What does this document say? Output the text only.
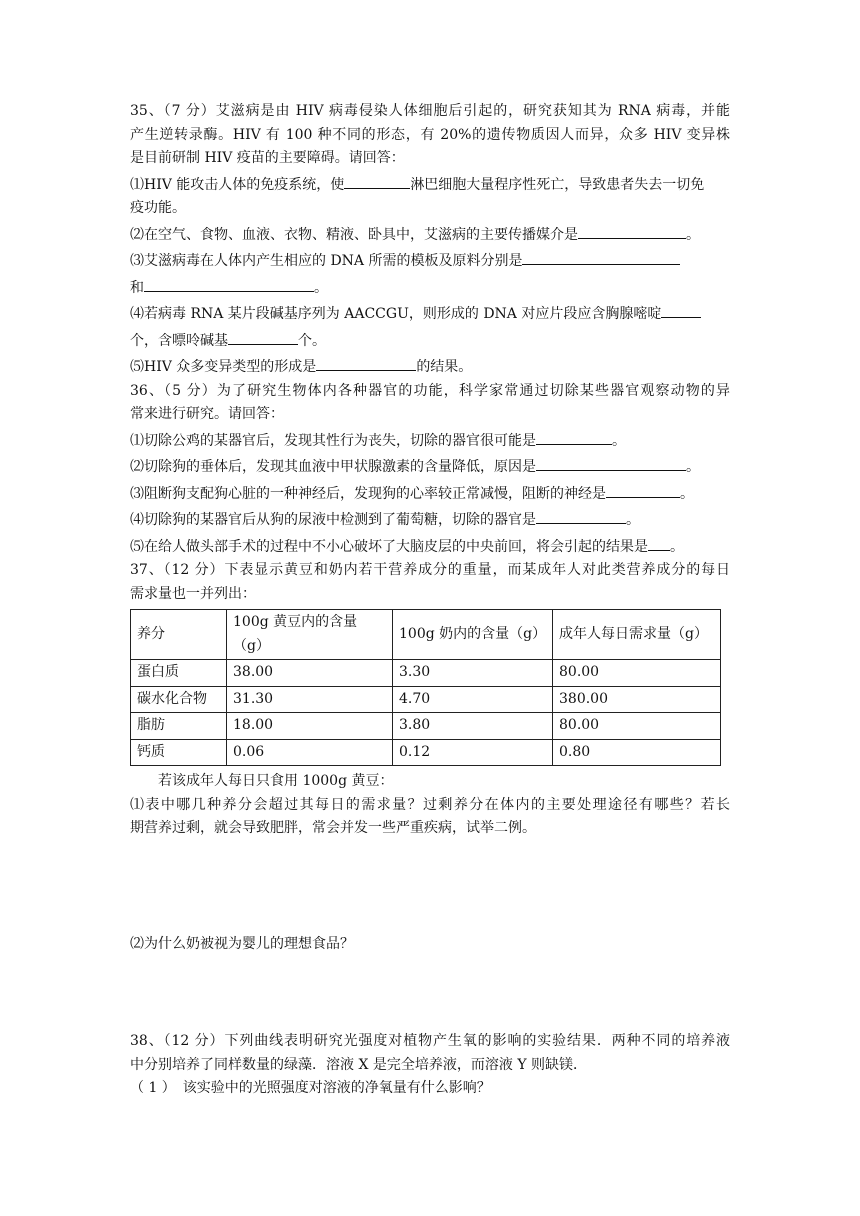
35、（7 分）艾滋病是由 HIV 病毒侵染人体细胞后引起的，研究获知其为 RNA 病毒，并能
产生逆转录酶。HIV 有 100 种不同的形态，有 20%的遗传物质因人而异，众多 HIV 变异株
是目前研制 HIV 疫苗的主要障碍。请回答：
⑴HIV 能攻击人体的免疫系统，使	淋巴细胞大量程序性死亡，导致患者失去一切免
疫功能。
⑵在空气、食物、血液、衣物、精液、卧具中，艾滋病的主要传播媒介是	。
⑶艾滋病毒在人体内产生相应的 DNA 所需的模板及原料分别是
和	。
⑷若病毒 RNA 某片段碱基序列为 AACCGU，则形成的 DNA 对应片段应含胸腺嘧啶
个，含嘌呤碱基	个。
⑸HIV 众多变异类型的形成是	的结果。
36、（5 分）为了研究生物体内各种器官的功能，科学家常通过切除某些器官观察动物的异
常来进行研究。请回答：
⑴切除公鸡的某器官后，发现其性行为丧失，切除的器官很可能是	。
⑵切除狗的垂体后，发现其血液中甲状腺激素的含量降低，原因是	。
⑶阻断狗支配狗心脏的一种神经后，发现狗的心率较正常减慢，阻断的神经是	。
⑷切除狗的某器官后从狗的尿液中检测到了葡萄糖，切除的器官是	。
⑸在给人做头部手术的过程中不小心破坏了大脑皮层的中央前回，将会引起的结果是 。
37、（12 分）下表显示黄豆和奶内若干营养成分的重量，而某成年人对此类营养成分的每日
需求量也一并列出：
养分	100g 黄豆内的含量（g）	100g 奶内的含量（g）	成年人每日需求量（g）
蛋白质	38.00	3.30	80.00
碳水化合物	31.30	4.70	380.00
脂肪	18.00	3.80	80.00
钙质	0.06	0.12	0.80
若该成年人每日只食用 1000g 黄豆：
⑴表中哪几种养分会超过其每日的需求量？过剩养分在体内的主要处理途径有哪些？若长
期营养过剩，就会导致肥胖，常会并发一些严重疾病，试举二例。
⑵为什么奶被视为婴儿的理想食品？
38、（12 分）下列曲线表明研究光强度对植物产生氧的影响的实验结果．两种不同的培养液
中分别培养了同样数量的绿藻．溶液 X 是完全培养液，而溶液 Y 则缺镁．
（ 1 ）　该实验中的光照强度对溶液的净氧量有什么影响？
